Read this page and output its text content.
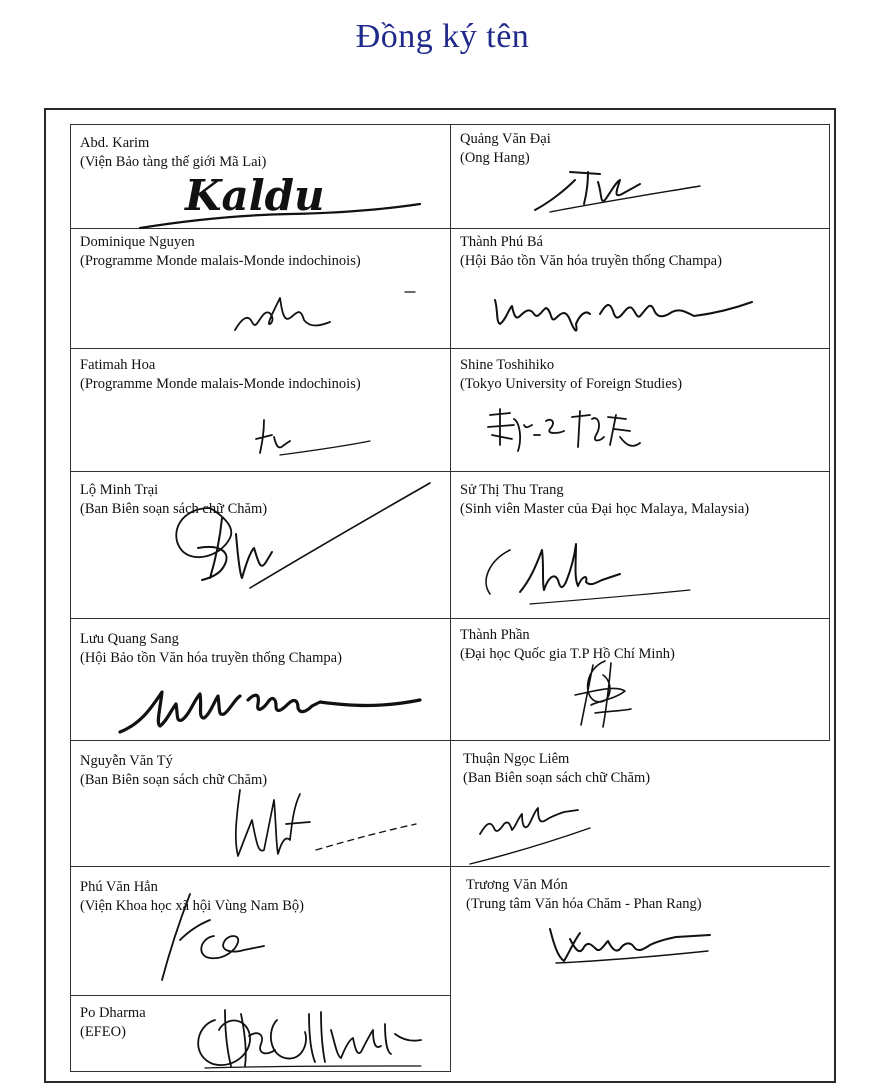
Đồng ký tên
Abd. Karim
(Viện Bảo tàng thế giới Mã Lai)
Kaldu
Quảng Văn Đại
(Ong Hang)
Dominique Nguyen
(Programme Monde malais-Monde indochinois)
Thành Phú Bá
(Hội Bảo tồn Văn hóa truyền thống Champa)
Fatimah Hoa
(Programme Monde malais-Monde indochinois)
Shine Toshihiko
(Tokyo University of Foreign Studies)
Lộ Minh Trại
(Ban Biên soạn sách chữ Chăm)
Sử Thị Thu Trang
(Sinh viên Master của Đại học Malaya, Malaysia)
Lưu Quang Sang
(Hội Bảo tồn Văn hóa truyền thống Champa)
Thành Phần
(Đại học Quốc gia T.P Hồ Chí Minh)
Nguyễn Văn Tý
(Ban Biên soạn sách chữ Chăm)
Thuận Ngọc Liêm
(Ban Biên soạn sách chữ Chăm)
Phú Văn Hẳn
(Viện Khoa học xã hội Vùng Nam Bộ)
Trương Văn Món
(Trung tâm Văn hóa Chăm - Phan Rang)
Po Dharma
(EFEO)
